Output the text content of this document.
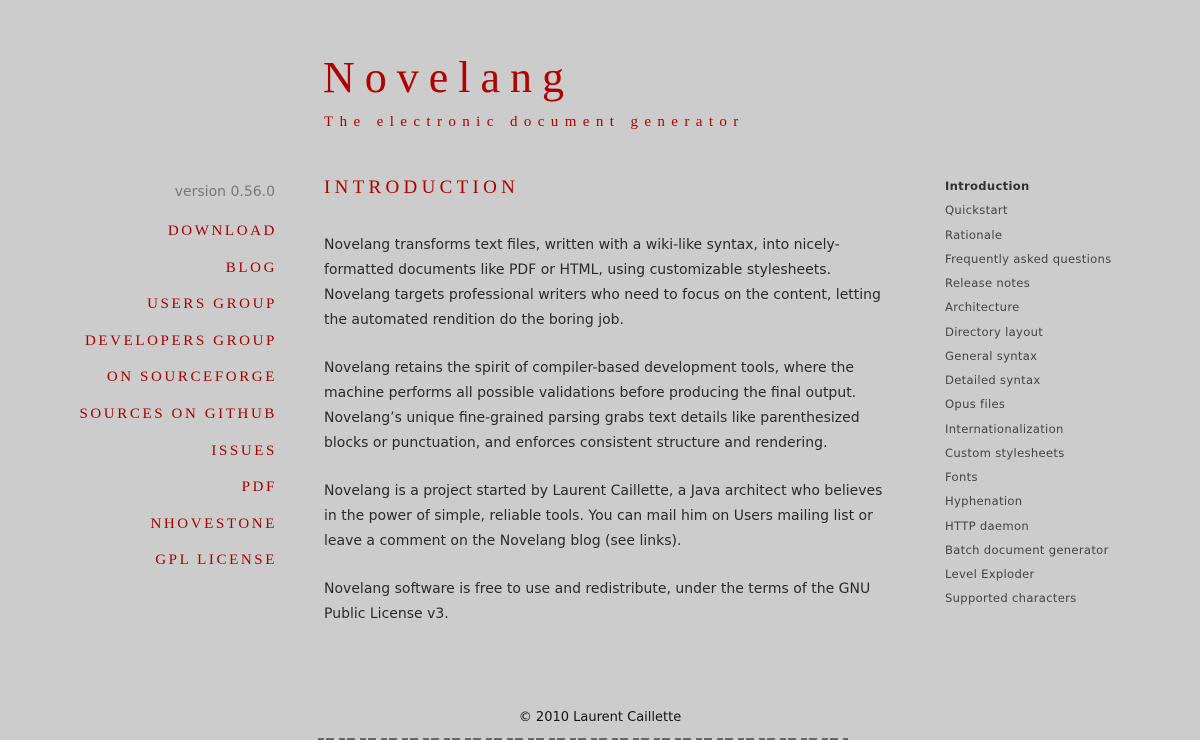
Novelang
The electronic document generator
version 0.56.0
DOWNLOAD
BLOG
USERS GROUP
DEVELOPERS GROUP
ON SOURCEFORGE
SOURCES ON GITHUB
ISSUES
PDF
NHOVESTONE
GPL LICENSE
INTRODUCTION

Novelang transforms text files, written with a wiki-like syntax, into nicely-formatted documents like PDF or HTML, using customizable stylesheets. Novelang targets professional writers who need to focus on the content, letting the automated rendition do the boring job.

Novelang retains the spirit of compiler-based development tools, where the machine performs all possible validations before producing the final output. Novelang’s unique fine-grained parsing grabs text details like parenthesized blocks or punctuation, and enforces consistent structure and rendering.

Novelang is a project started by Laurent Caillette, a Java architect who believes in the power of simple, reliable tools. You can mail him on Users mailing list or leave a comment on the Novelang blog (see links).

Novelang software is free to use and redistribute, under the terms of the GNU Public License v3.

Introduction
Quickstart
Rationale
Frequently asked questions
Release notes
Architecture
Directory layout
General syntax
Detailed syntax
Opus files
Internationalization
Custom stylesheets
Fonts
Hyphenation
HTTP daemon
Batch document generator
Level Exploder
Supported characters
© 2010 Laurent Caillette
